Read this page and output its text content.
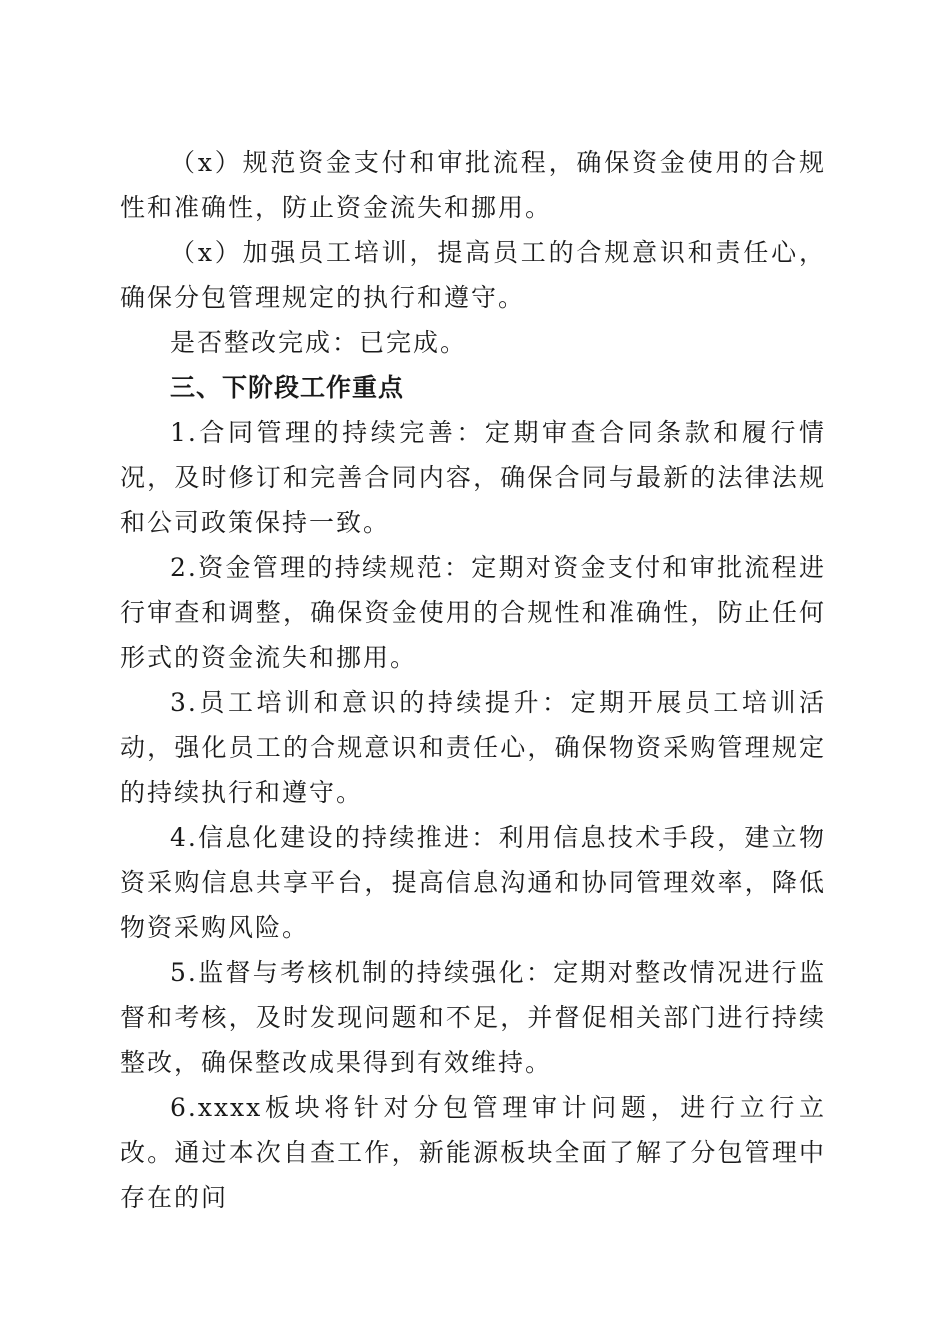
（x）规范资金支付和审批流程，确保资金使用的合规性和准确性，防止资金流失和挪用。

（x）加强员工培训，提高员工的合规意识和责任心，确保分包管理规定的执行和遵守。

是否整改完成：已完成。

三、下阶段工作重点

1.合同管理的持续完善：定期审查合同条款和履行情况，及时修订和完善合同内容，确保合同与最新的法律法规和公司政策保持一致。

2.资金管理的持续规范：定期对资金支付和审批流程进行审查和调整，确保资金使用的合规性和准确性，防止任何形式的资金流失和挪用。

3.员工培训和意识的持续提升：定期开展员工培训活动，强化员工的合规意识和责任心，确保物资采购管理规定的持续执行和遵守。

4.信息化建设的持续推进：利用信息技术手段，建立物资采购信息共享平台，提高信息沟通和协同管理效率，降低物资采购风险。

5.监督与考核机制的持续强化：定期对整改情况进行监督和考核，及时发现问题和不足，并督促相关部门进行持续整改，确保整改成果得到有效维持。

6.xxxx板块将针对分包管理审计问题，进行立行立改。通过本次自查工作，新能源板块全面了解了分包管理中存在的问
